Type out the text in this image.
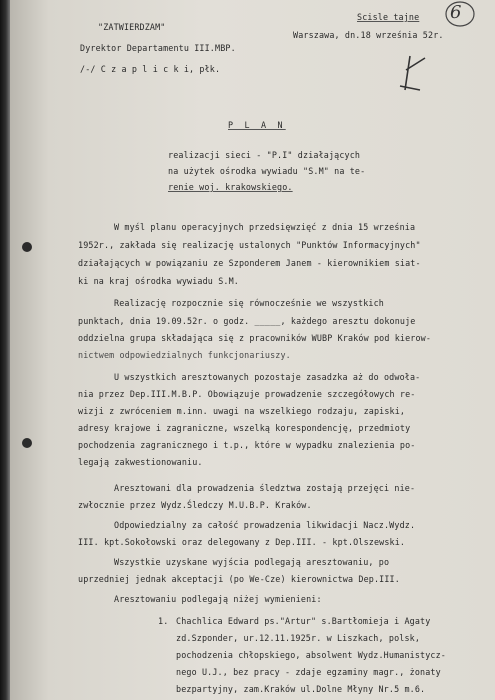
"ZATWIERDZAM"
Dyrektor Departamentu III.MBP.
/-/ C z a p l i c k i, płk.
Scisle tajne
Warszawa, dn.18 września 52r.
6
P L A N
realizacji sieci - "P.I" działających
na użytek ośrodka wywiadu "S.M" na te-
renie woj. krakowskiego.
W myśl planu operacyjnych przedsięwzięć z dnia 15 września
1952r., zakłada się realizację ustalonych "Punktów Informacyjnych"
działających w powiązaniu ze Szponderem Janem - kierownikiem siat-
ki na kraj ośrodka wywiadu S.M.
Realizację rozpocznie się równocześnie we wszystkich
punktach, dnia 19.09.52r. o godz. _____, każdego aresztu dokonuje
oddzielna grupa składająca się z pracowników WUBP Kraków pod kierow-
nictwem odpowiedzialnych funkcjonariuszy.
U wszystkich aresztowanych pozostaje zasadzka aż do odwoła-
nia przez Dep.III.M.B.P. Obowiązuje prowadzenie szczegółowych re-
wizji z zwróceniem m.inn. uwagi na wszelkiego rodzaju, zapiski,
adresy krajowe i zagraniczne, wszelką korespondencję, przedmioty
pochodzenia zagranicznego i t.p., które w wypadku znalezienia po-
legają zakwestionowaniu.
Aresztowani dla prowadzenia śledztwa zostają przejęci nie-
zwłocznie przez Wydz.Śledczy M.U.B.P. Kraków.
Odpowiedzialny za całość prowadzenia likwidacji Nacz.Wydz.
III. kpt.Sokołowski oraz delegowany z Dep.III. - kpt.Olszewski.
Wszystkie uzyskane wyjścia podlegają aresztowaniu, po
uprzedniej jednak akceptacji (po We-Cze) kierownictwa Dep.III.
Aresztowaniu podlegają niżej wymienieni:
1. Chachlica Edward ps."Artur" s.Bartłomieja i Agaty
zd.Szponder, ur.12.11.1925r. w Liszkach, polsk,
pochodzenia chłopskiego, absolwent Wydz.Humanistycz-
nego U.J., bez pracy - zdaje egzaminy magr., żonaty
bezpartyjny, zam.Kraków ul.Dolne Młyny Nr.5 m.6.
